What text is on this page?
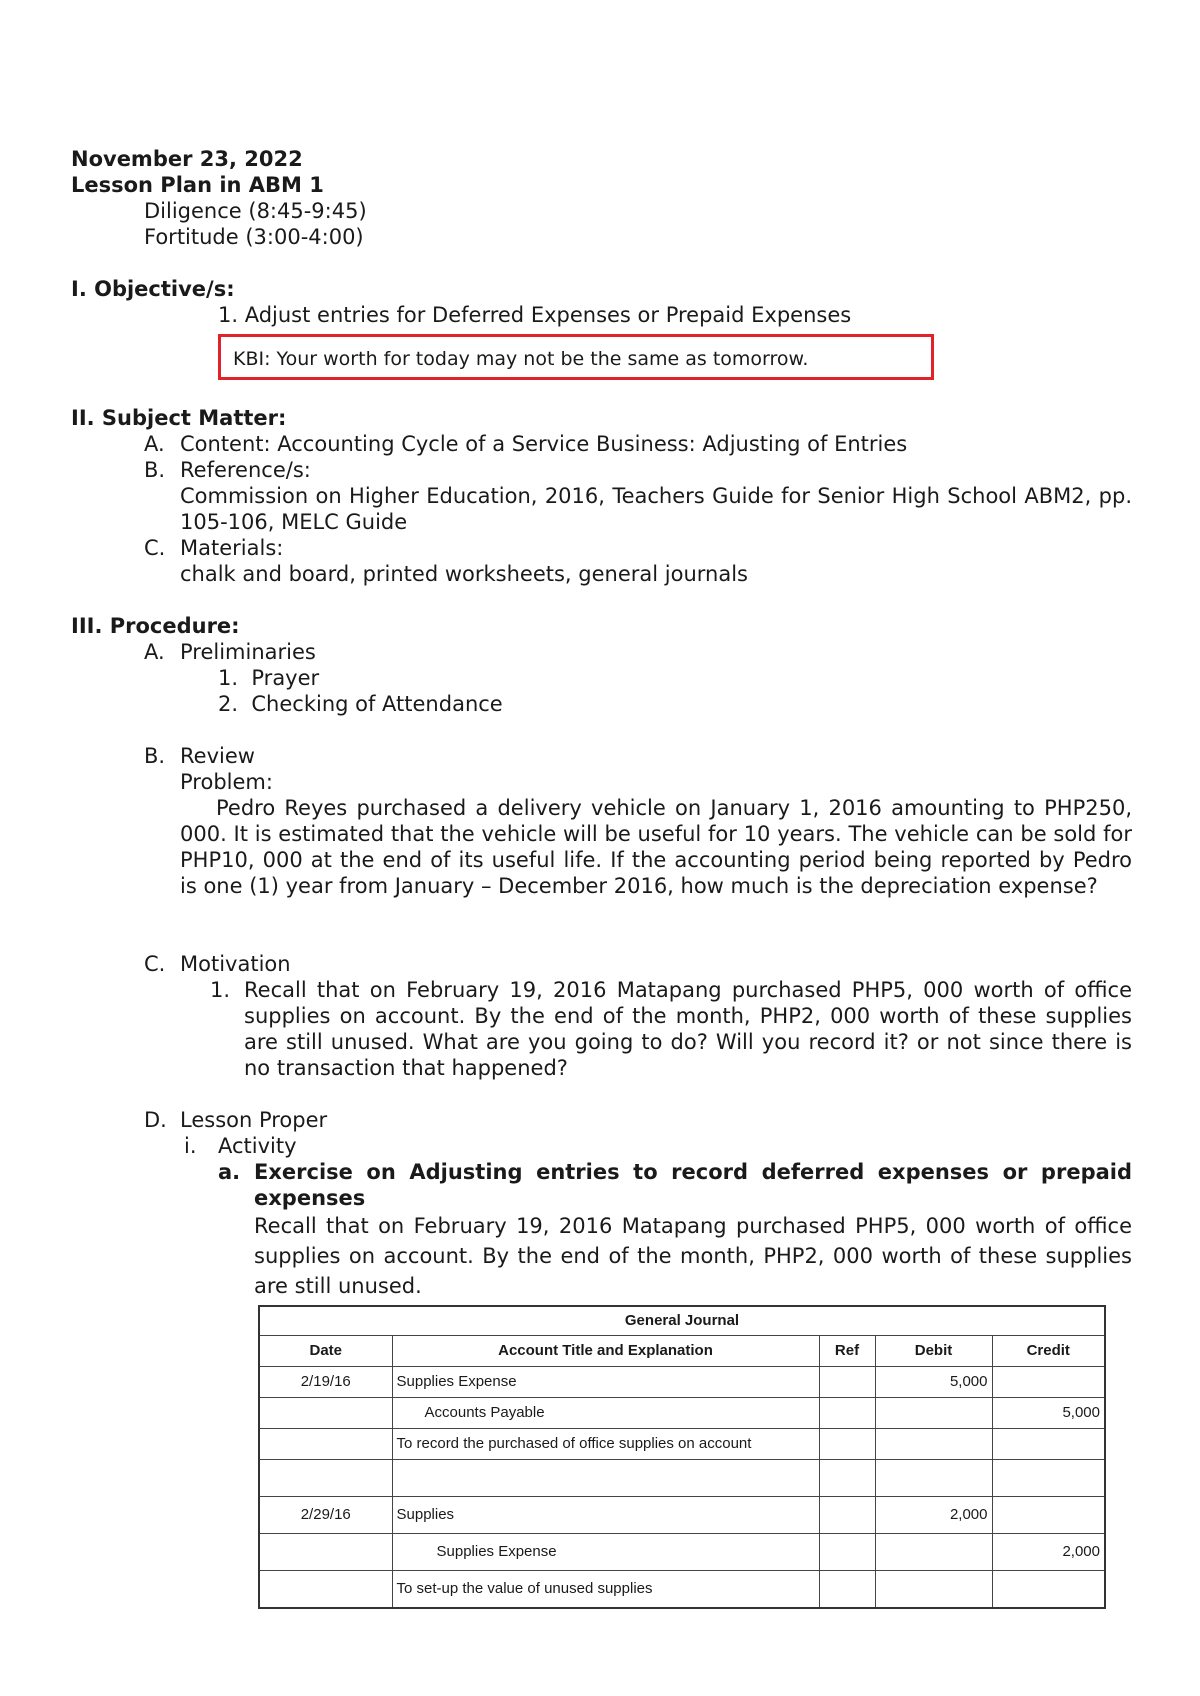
November 23, 2022
Lesson Plan in ABM 1
Diligence (8:45-9:45)
Fortitude (3:00-4:00)
I. Objective/s:
1. Adjust entries for Deferred Expenses or Prepaid Expenses
KBI: Your worth for today may not be the same as tomorrow.
II. Subject Matter:
A. Content: Accounting Cycle of a Service Business: Adjusting of Entries
B. Reference/s:
Commission on Higher Education, 2016, Teachers Guide for Senior High School ABM2, pp. 105-106, MELC Guide
C. Materials:
chalk and board, printed worksheets, general journals
III. Procedure:
A. Preliminaries
1.  Prayer
2.  Checking of Attendance
B. Review
Problem:
Pedro Reyes purchased a delivery vehicle on January 1, 2016 amounting to PHP250, 000. It is estimated that the vehicle will be useful for 10 years. The vehicle can be sold for PHP10, 000 at the end of its useful life. If the accounting period being reported by Pedro is one (1) year from January – December 2016, how much is the depreciation expense?
C. Motivation
1. Recall that on February 19, 2016 Matapang purchased PHP5, 000 worth of office supplies on account. By the end of the month, PHP2, 000 worth of these supplies are still unused. What are you going to do? Will you record it? or not since there is no transaction that happened?
D. Lesson Proper
i. Activity
a. Exercise on Adjusting entries to record deferred expenses or prepaid expenses
Recall that on February 19, 2016 Matapang purchased PHP5, 000 worth of office supplies on account. By the end of the month, PHP2, 000 worth of these supplies are still unused.
General Journal				
Date	Account Title and Explanation	Ref	Debit	Credit
2/19/16	Supplies Expense		5,000	
	Accounts Payable			5,000
	To record the purchased of office supplies on account			

2/29/16	Supplies		2,000	
	Supplies Expense			2,000
	To set-up the value of unused supplies			
